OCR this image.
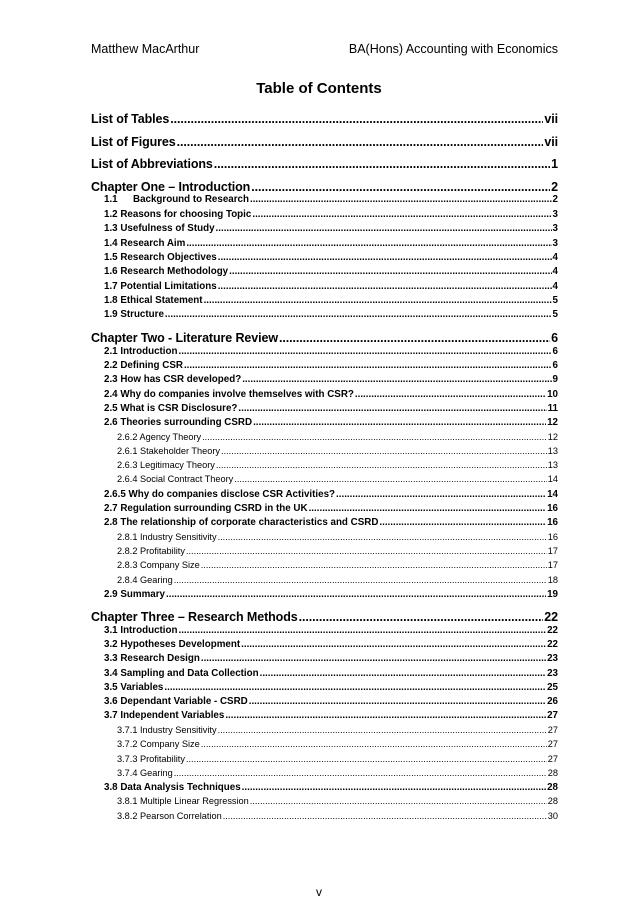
Matthew MacArthur	BA(Hons) Accounting with Economics
Table of Contents
List of Tables .....	vii
List of Figures .....	vii
List of Abbreviations .....	1
Chapter One – Introduction .....	2
1.1 Background to Research .....	2
1.2 Reasons for choosing Topic .....	3
1.3 Usefulness of Study .....	3
1.4 Research Aim .....	3
1.5 Research Objectives .....	4
1.6 Research Methodology .....	4
1.7 Potential Limitations .....	4
1.8 Ethical Statement .....	5
1.9 Structure .....	5
Chapter Two - Literature Review .....	6
2.1 Introduction .....	6
2.2 Defining CSR .....	6
2.3 How has CSR developed? .....	9
2.4 Why do companies involve themselves with CSR? .....	10
2.5 What is CSR Disclosure? .....	11
2.6 Theories surrounding CSRD .....	12
2.6.2 Agency Theory .....	12
2.6.1 Stakeholder Theory .....	13
2.6.3 Legitimacy Theory .....	13
2.6.4 Social Contract Theory .....	14
2.6.5 Why do companies disclose CSR Activities? .....	14
2.7 Regulation surrounding CSRD in the UK .....	16
2.8 The relationship of corporate characteristics and CSRD .....	16
2.8.1 Industry Sensitivity .....	16
2.8.2 Profitability .....	17
2.8.3 Company Size .....	17
2.8.4 Gearing .....	18
2.9 Summary .....	19
Chapter Three – Research Methods .....	22
3.1 Introduction .....	22
3.2 Hypotheses Development .....	22
3.3 Research Design .....	23
3.4 Sampling and Data Collection .....	23
3.5 Variables .....	25
3.6 Dependant Variable - CSRD .....	26
3.7 Independent Variables .....	27
3.7.1 Industry Sensitivity .....	27
3.7.2 Company Size .....	27
3.7.3 Profitability .....	27
3.7.4 Gearing .....	28
3.8 Data Analysis Techniques .....	28
3.8.1 Multiple Linear Regression .....	28
3.8.2 Pearson Correlation .....	30
v
